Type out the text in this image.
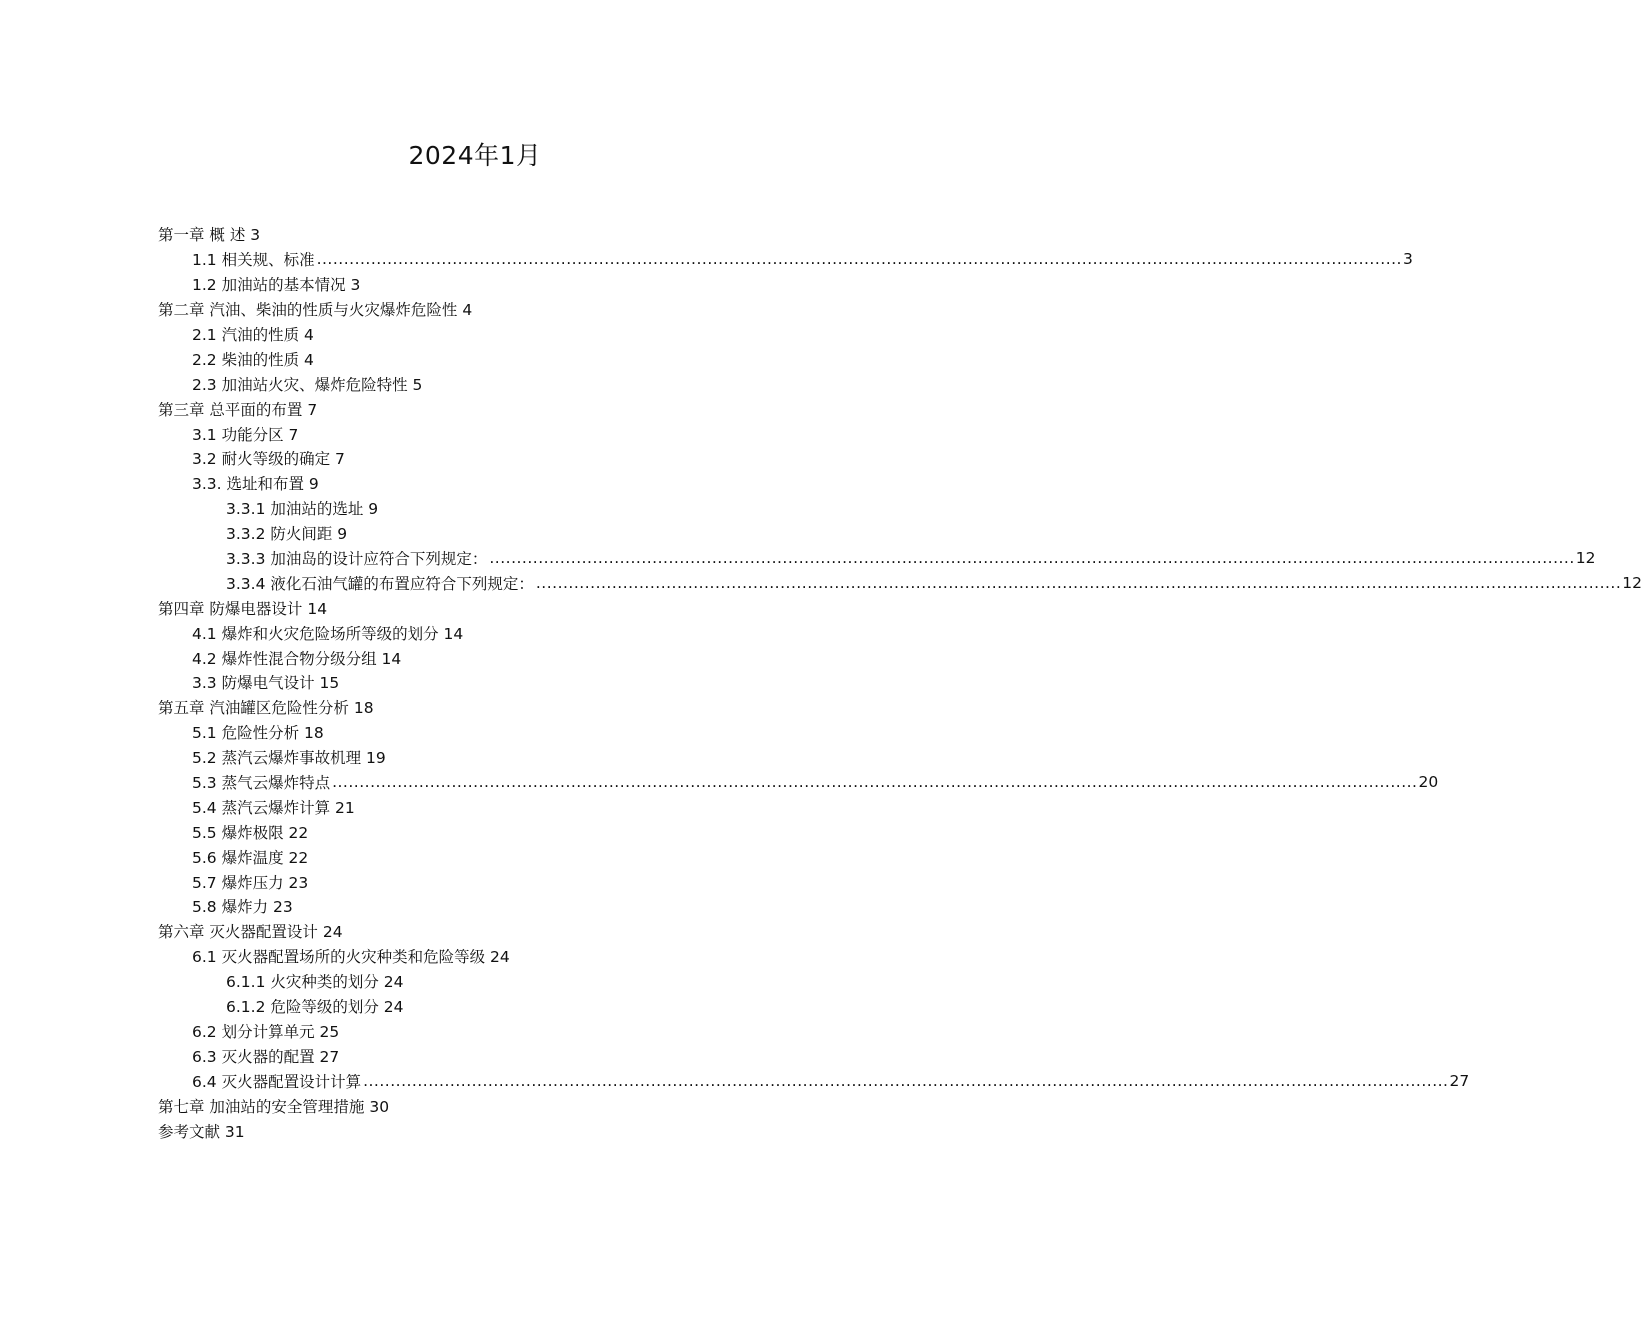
2024年1月
第一章 概 述 3
1.1 相关规、标准 ........................................................................................................................................................................................................ 3
1.2 加油站的基本情况 3
第二章 汽油、柴油的性质与火灾爆炸危险性 4
2.1 汽油的性质 4
2.2 柴油的性质 4
2.3 加油站火灾、爆炸危险特性 5
第三章 总平面的布置 7
3.1 功能分区 7
3.2 耐火等级的确定 7
3.3. 选址和布置 9
3.3.1 加油站的选址 9
3.3.2 防火间距 9
3.3.3 加油岛的设计应符合下列规定： ........................................................................................................................................................................................................ 12
3.3.4 液化石油气罐的布置应符合下列规定： ........................................................................................................................................................................................................ 12
第四章 防爆电器设计 14
4.1 爆炸和火灾危险场所等级的划分 14
4.2 爆炸性混合物分级分组 14
3.3 防爆电气设计 15
第五章 汽油罐区危险性分析 18
5.1 危险性分析 18
5.2 蒸汽云爆炸事故机理 19
5.3 蒸气云爆炸特点 ........................................................................................................................................................................................................ 20
5.4 蒸汽云爆炸计算 21
5.5 爆炸极限 22
5.6 爆炸温度 22
5.7 爆炸压力 23
5.8 爆炸力 23
第六章 灭火器配置设计 24
6.1 灭火器配置场所的火灾种类和危险等级 24
6.1.1 火灾种类的划分 24
6.1.2 危险等级的划分 24
6.2 划分计算单元 25
6.3 灭火器的配置 27
6.4 灭火器配置设计计算 ........................................................................................................................................................................................................ 27
第七章 加油站的安全管理措施 30
参考文献 31
